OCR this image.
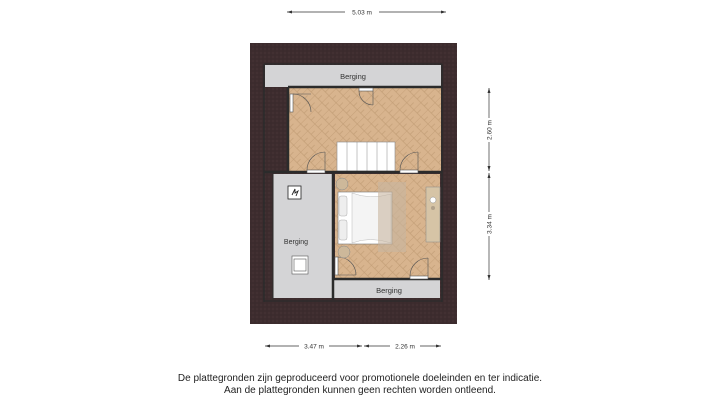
5.03 m
Berging
Berging
Berging
2.60 m
3.34 m
3.47 m	2.26 m
De plattegronden zijn geproduceerd voor promotionele doeleinden en ter indicatie.
Aan de plattegronden kunnen geen rechten worden ontleend.
